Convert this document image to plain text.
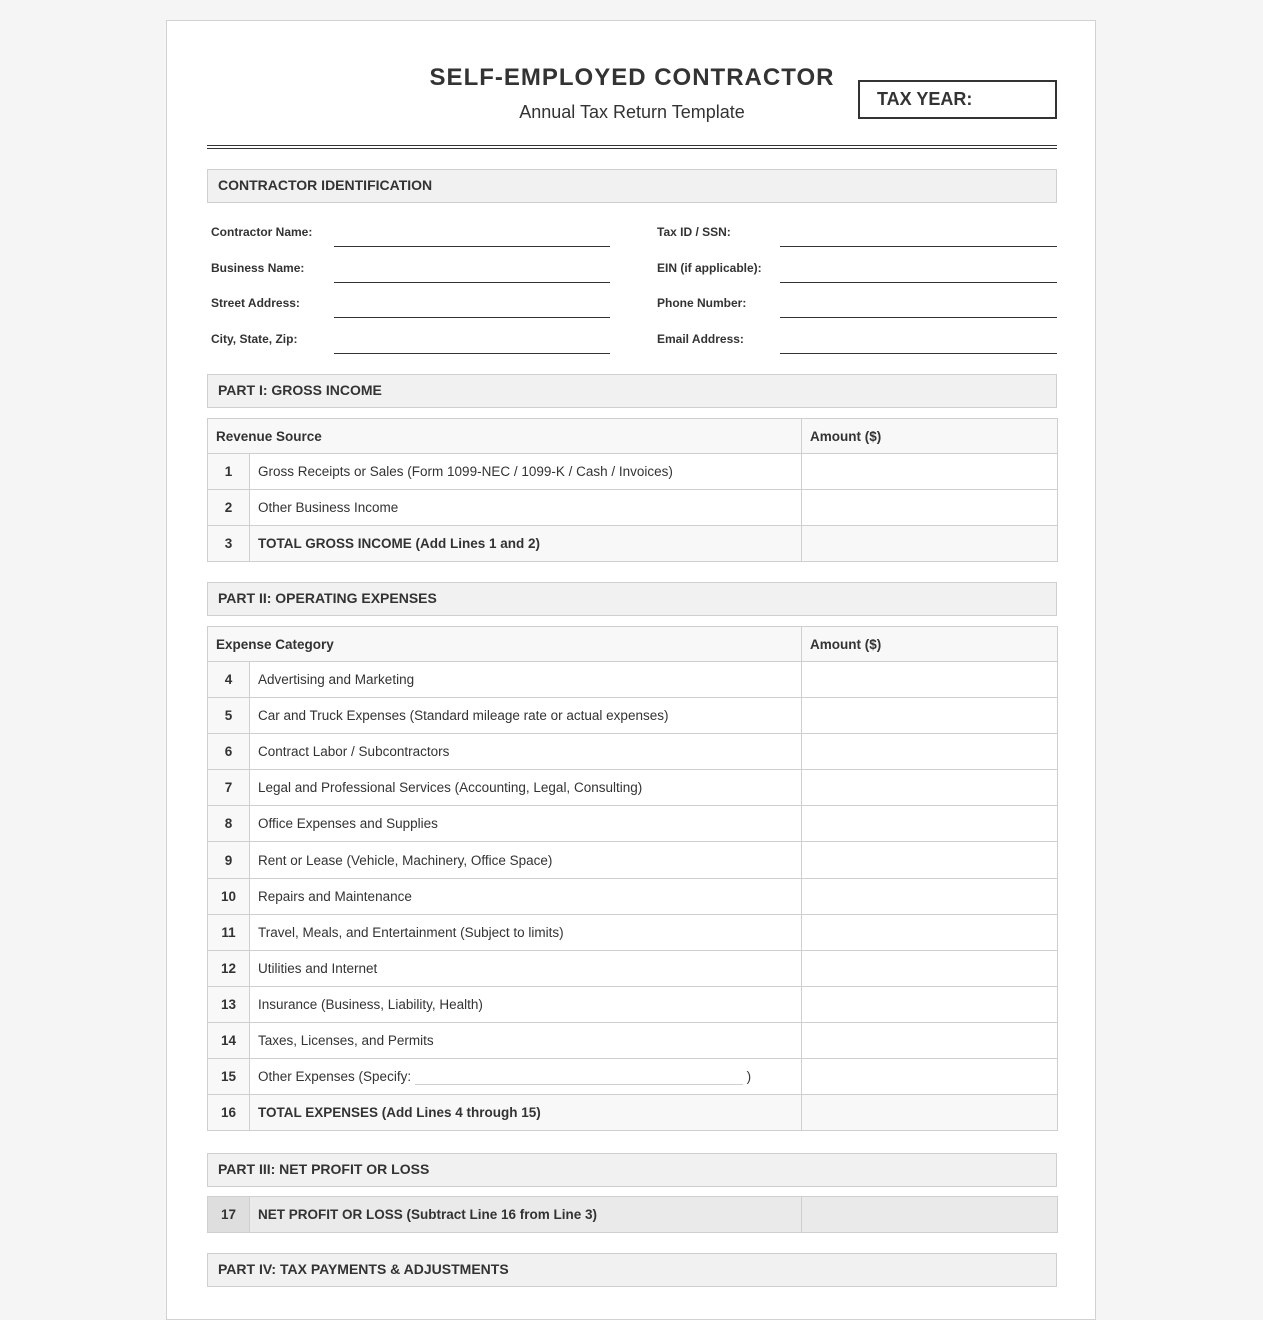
SELF-EMPLOYED CONTRACTOR
Annual Tax Return Template
TAX YEAR:
CONTRACTOR IDENTIFICATION
Contractor Name:	Tax ID / SSN:
Business Name:	EIN (if applicable):
Street Address:	Phone Number:
City, State, Zip:	Email Address:
PART I: GROSS INCOME
Revenue Source		Amount ($)
1	Gross Receipts or Sales (Form 1099-NEC / 1099-K / Cash / Invoices)	
2	Other Business Income	
3	TOTAL GROSS INCOME (Add Lines 1 and 2)	
PART II: OPERATING EXPENSES
Expense Category		Amount ($)
4	Advertising and Marketing	
5	Car and Truck Expenses (Standard mileage rate or actual expenses)	
6	Contract Labor / Subcontractors	
7	Legal and Professional Services (Accounting, Legal, Consulting)	
8	Office Expenses and Supplies	
9	Rent or Lease (Vehicle, Machinery, Office Space)	
10	Repairs and Maintenance	
11	Travel, Meals, and Entertainment (Subject to limits)	
12	Utilities and Internet	
13	Insurance (Business, Liability, Health)	
14	Taxes, Licenses, and Permits	
15	Other Expenses (Specify: )	
16	TOTAL EXPENSES (Add Lines 4 through 15)	
PART III: NET PROFIT OR LOSS
17	NET PROFIT OR LOSS (Subtract Line 16 from Line 3)	
PART IV: TAX PAYMENTS & ADJUSTMENTS
